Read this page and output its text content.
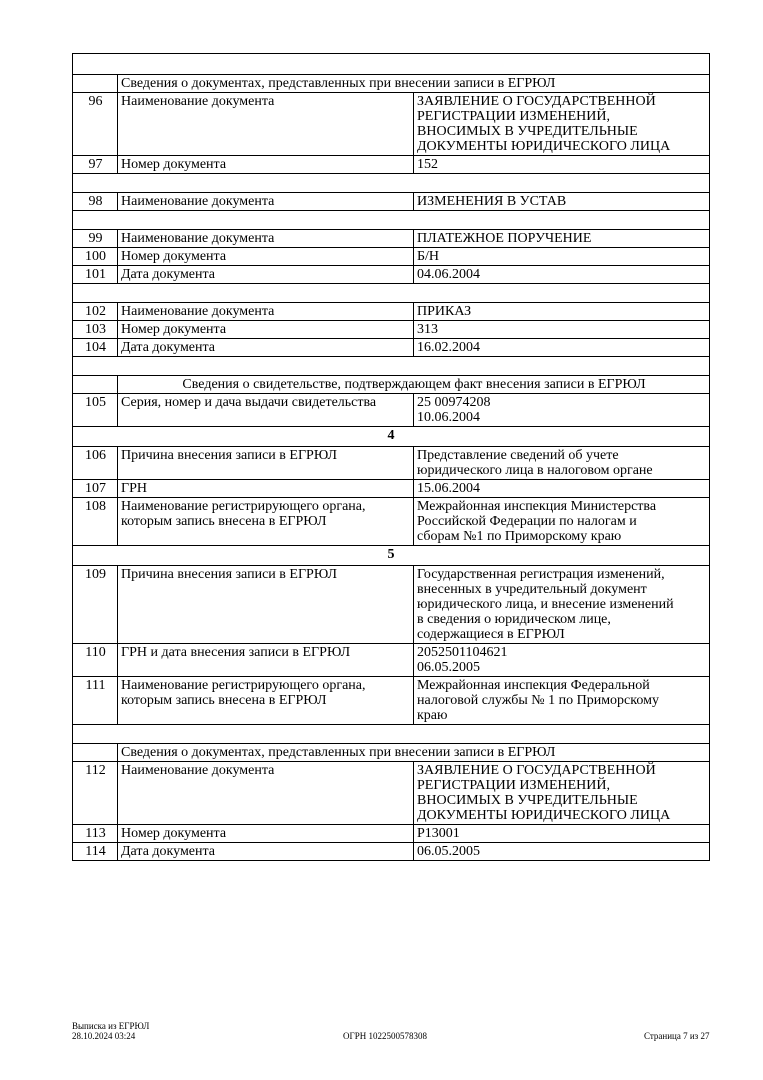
	Сведения о документах, представленных при внесении записи в ЕГРЮЛ	
96	Наименование документа	ЗАЯВЛЕНИЕ О ГОСУДАРСТВЕННОЙ
РЕГИСТРАЦИИ ИЗМЕНЕНИЙ,
ВНОСИМЫХ В УЧРЕДИТЕЛЬНЫЕ
ДОКУМЕНТЫ ЮРИДИЧЕСКОГО ЛИЦА
97	Номер документа	152

98	Наименование документа	ИЗМЕНЕНИЯ В УСТАВ

99	Наименование документа	ПЛАТЕЖНОЕ ПОРУЧЕНИЕ
100	Номер документа	Б/Н
101	Дата документа	04.06.2004

102	Наименование документа	ПРИКАЗ
103	Номер документа	313
104	Дата документа	16.02.2004

	Сведения о свидетельстве, подтверждающем факт внесения записи в ЕГРЮЛ	
105	Серия, номер и дача выдачи свидетельства	25 00974208
10.06.2004
4		
106	Причина внесения записи в ЕГРЮЛ	Представление сведений об учете
юридического лица в налоговом органе
107	ГРН	15.06.2004
108	Наименование регистрирующего органа,
которым запись внесена в ЕГРЮЛ	Межрайонная инспекция Министерства
Российской Федерации по налогам и
сборам №1 по Приморскому краю
5		
109	Причина внесения записи в ЕГРЮЛ	Государственная регистрация изменений,
внесенных в учредительный документ
юридического лица, и внесение изменений
в сведения о юридическом лице,
содержащиеся в ЕГРЮЛ
110	ГРН и дата внесения записи в ЕГРЮЛ	2052501104621
06.05.2005
111	Наименование регистрирующего органа,
которым запись внесена в ЕГРЮЛ	Межрайонная инспекция Федеральной
налоговой службы № 1 по Приморскому
краю

	Сведения о документах, представленных при внесении записи в ЕГРЮЛ	
112	Наименование документа	ЗАЯВЛЕНИЕ О ГОСУДАРСТВЕННОЙ
РЕГИСТРАЦИИ ИЗМЕНЕНИЙ,
ВНОСИМЫХ В УЧРЕДИТЕЛЬНЫЕ
ДОКУМЕНТЫ ЮРИДИЧЕСКОГО ЛИЦА
113	Номер документа	Р13001
114	Дата документа	06.05.2005
Выписка из ЕГРЮЛ
28.10.2024 03:24	ОГРН 1022500578308	Страница 7 из 27
